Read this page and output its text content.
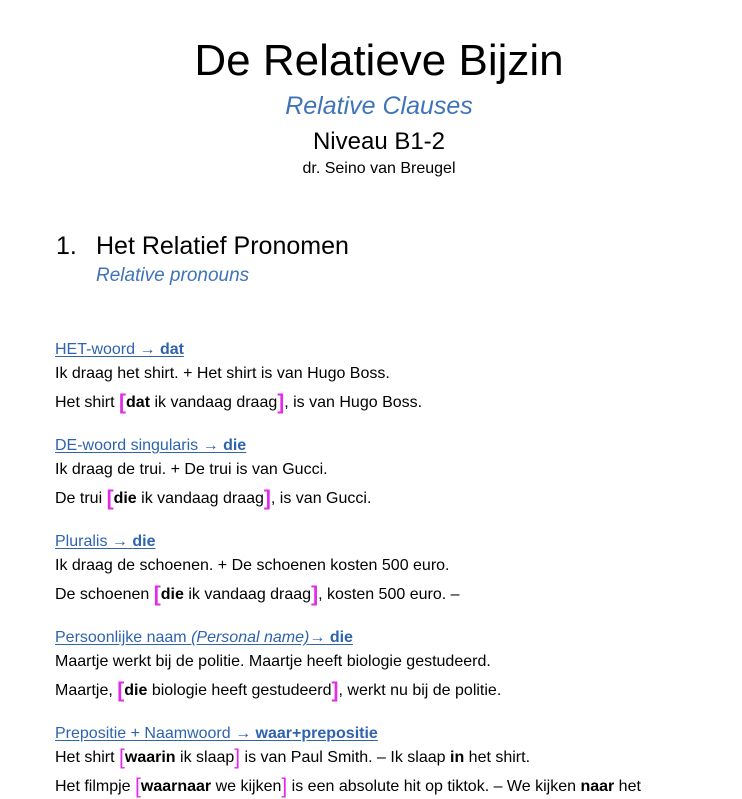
De Relatieve Bijzin
Relative Clauses
Niveau B1-2
dr. Seino van Breugel
1. Het Relatief Pronomen
Relative pronouns
HET-woord → dat
Ik draag het shirt. + Het shirt is van Hugo Boss.
Het shirt [dat ik vandaag draag], is van Hugo Boss.
DE-woord singularis → die
Ik draag de trui. + De trui is van Gucci.
De trui [die ik vandaag draag], is van Gucci.
Pluralis → die
Ik draag de schoenen. + De schoenen kosten 500 euro.
De schoenen [die ik vandaag draag], kosten 500 euro. –
Persoonlijke naam (Personal name)→ die
Maartje werkt bij de politie. Maartje heeft biologie gestudeerd.
Maartje, [die biologie heeft gestudeerd], werkt nu bij de politie.
Prepositie + Naamwoord → waar+prepositie
Het shirt [waarin ik slaap] is van Paul Smith. – Ik slaap in het shirt.
Het filmpje [waarnaar we kijken] is een absolute hit op tiktok. – We kijken naar het
